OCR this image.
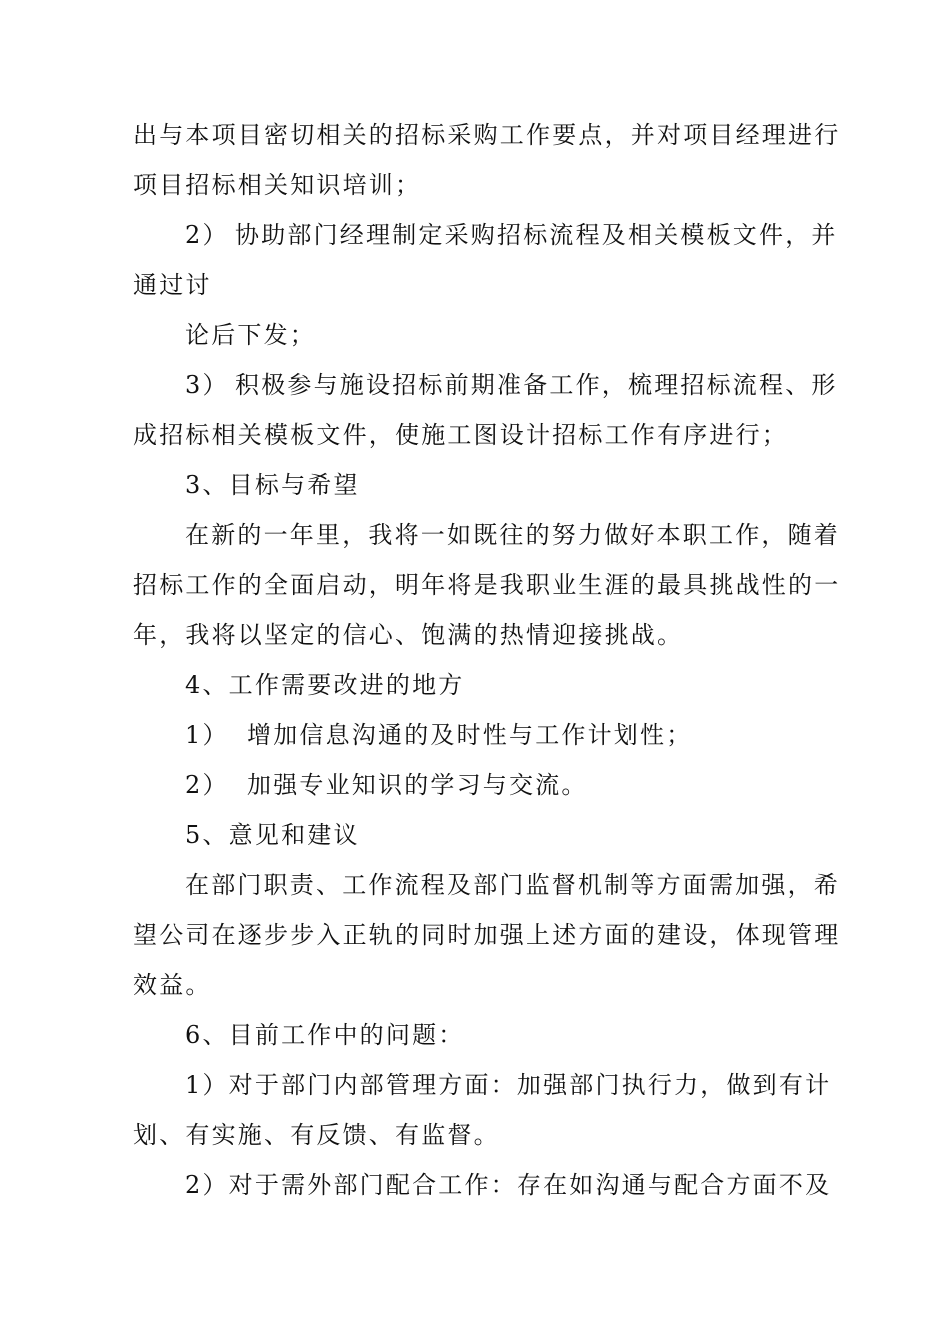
出与本项目密切相关的招标采购工作要点，并对项目经理进行
项目招标相关知识培训；
2） 协助部门经理制定采购招标流程及相关模板文件，并
通过讨
论后下发；
3） 积极参与施设招标前期准备工作，梳理招标流程、形
成招标相关模板文件，使施工图设计招标工作有序进行；
3、目标与希望
在新的一年里，我将一如既往的努力做好本职工作，随着
招标工作的全面启动，明年将是我职业生涯的最具挑战性的一
年，我将以坚定的信心、饱满的热情迎接挑战。
4、工作需要改进的地方
1） 增加信息沟通的及时性与工作计划性；
2） 加强专业知识的学习与交流。
5、意见和建议
在部门职责、工作流程及部门监督机制等方面需加强，希
望公司在逐步步入正轨的同时加强上述方面的建设，体现管理
效益。
6、目前工作中的问题：
1）对于部门内部管理方面：加强部门执行力，做到有计
划、有实施、有反馈、有监督。
2）对于需外部门配合工作：存在如沟通与配合方面不及
